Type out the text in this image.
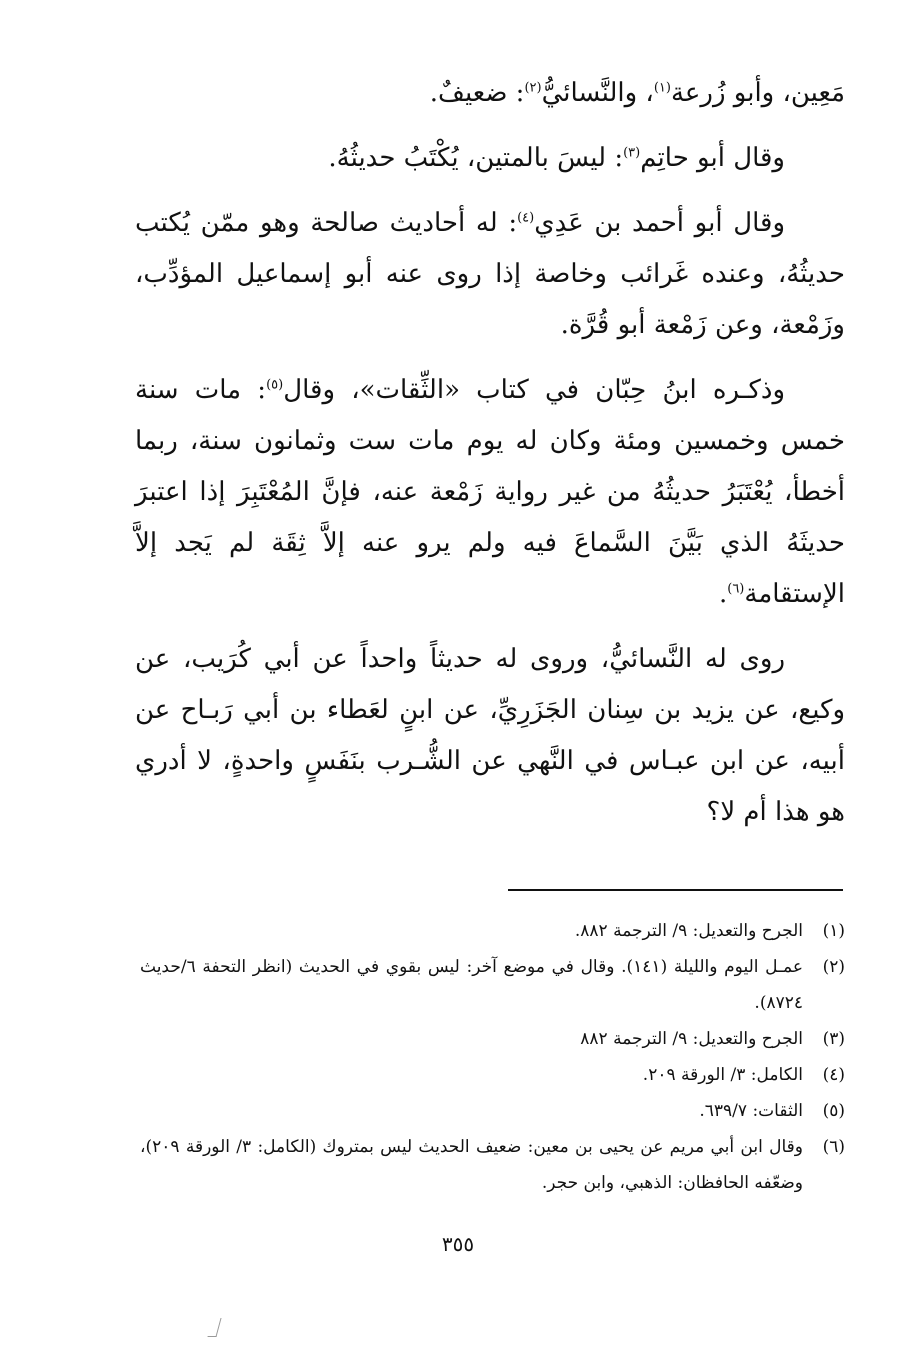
مَعِين، وأبو زُرعة$^{(١)}$، والنَّسائيُّ$^{(٢)}$: ضعيفٌ.

وقال أبو حاتِم$^{(٣)}$: ليسَ بالمتين، يُكْتَبُ حديثُهُ.

وقال أبو أحمد بن عَدِي$^{(٤)}$: له أحاديث صالحة وهو ممّن يُكتب حديثُهُ، وعنده غَرائب وخاصة إذا روى عنه أبو إسماعيل المؤدِّب، وزَمْعة، وعن زَمْعة أبو قُرَّة.

وذكـره ابنُ حِبّان في كتاب «الثِّقات»، وقال$^{(٥)}$: مات سنة خمس وخمسين ومئة وكان له يوم مات ست وثمانون سنة، ربما أخطأ، يُعْتَبَرُ حديثُهُ من غير رواية زَمْعة عنه، فإنَّ المُعْتَبِرَ إذا اعتبرَ حديثَهُ الذي بَيَّنَ السَّماعَ فيه ولم يرو عنه إلاَّ ثِقَة لم يَجد إلاَّ الإستقامة$^{(٦)}$.

روى له النَّسائيُّ، وروى له حديثاً واحداً عن أبي كُرَيب، عن وكيع، عن يزيد بن سِنان الجَزَرِيِّ، عن ابنٍ لعَطاء بن أبي رَبـاح عن أبيه، عن ابن عبـاس في النَّهي عن الشُّـرب بنَفَسٍ واحدةٍ، لا أدري هو هذا أم لا؟

(١)
الجرح والتعديل: ٩/ الترجمة ٨٨٢.
(٢)
عمـل اليوم والليلة (١٤١). وقال في موضع آخر: ليس بقوي في الحديث (انظر التحفة ٦/حديث ٨٧٢٤).
(٣)
الجرح والتعديل: ٩/ الترجمة ٨٨٢
(٤)
الكامل: ٣/ الورقة ٢٠٩.
(٥)
الثقات: ٦٣٩/٧.
(٦)
وقال ابن أبي مريم عن يحيى بن معين: ضعيف الحديث ليس بمتروك (الكامل: ٣/ الورقة ٢٠٩)، وضعّفه الحافظان: الذهبي، وابن حجر.
٣٥٥
